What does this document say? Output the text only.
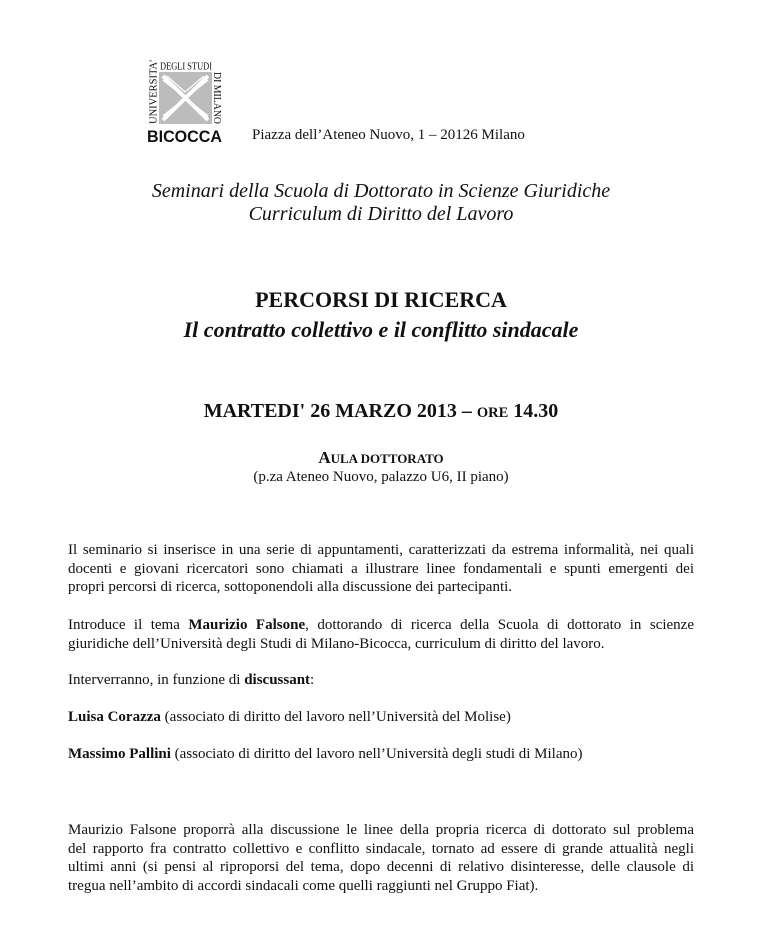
DEGLI STUDI
UNIVERSITA'	DI MILANO
BICOCCA Piazza dell’Ateneo Nuovo, 1 – 20126 Milano
Seminari della Scuola di Dottorato in Scienze Giuridiche
Curriculum di Diritto del Lavoro
PERCORSI DI RICERCA
Il contratto collettivo e il conflitto sindacale
MARTEDI' 26 MARZO 2013 – ORE 14.30
AULA DOTTORATO
(p.za Ateneo Nuovo, palazzo U6, II piano)
Il seminario si inserisce in una serie di appuntamenti, caratterizzati da estrema informalità, nei quali
docenti e giovani ricercatori sono chiamati a illustrare linee fondamentali e spunti emergenti dei
propri percorsi di ricerca, sottoponendoli alla discussione dei partecipanti.
Introduce il tema Maurizio Falsone, dottorando di ricerca della Scuola di dottorato in scienze
giuridiche dell’Università degli Studi di Milano-Bicocca, curriculum di diritto del lavoro.
Interverranno, in funzione di discussant:
Luisa Corazza (associato di diritto del lavoro nell’Università del Molise)
Massimo Pallini (associato di diritto del lavoro nell’Università degli studi di Milano)
Maurizio Falsone proporrà alla discussione le linee della propria ricerca di dottorato sul problema
del rapporto fra contratto collettivo e conflitto sindacale, tornato ad essere di grande attualità negli
ultimi anni (si pensi al riproporsi del tema, dopo decenni di relativo disinteresse, delle clausole di
tregua nell’ambito di accordi sindacali come quelli raggiunti nel Gruppo Fiat).
